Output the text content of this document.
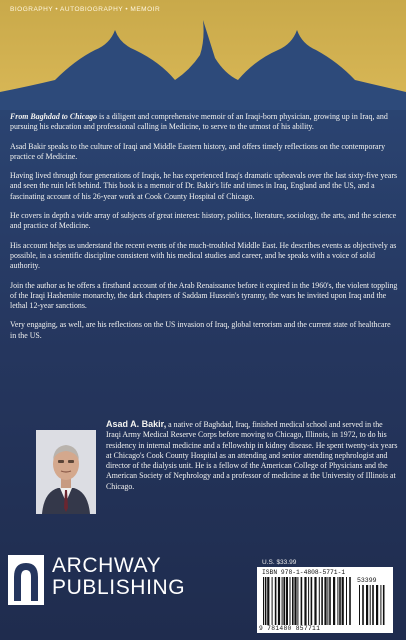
BIOGRAPHY • AUTOBIOGRAPHY • MEMOIR

From Baghdad to Chicago is a diligent and comprehensive memoir of an Iraqi-born physician, growing up in Iraq, and pursuing his education and professional calling in Medicine, to serve to the utmost of his ability.

Asad Bakir speaks to the culture of Iraqi and Middle Eastern history, and offers timely reflections on the contemporary practice of Medicine.

Having lived through four generations of Iraqis, he has experienced Iraq's dramatic upheavals over the last sixty-five years and seen the ruin left behind. This book is a memoir of Dr. Bakir's life and times in Iraq, England and the US, and a fascinating account of his 26-year work at Cook County Hospital of Chicago.

He covers in depth a wide array of subjects of great interest: history, politics, literature, sociology, the arts, and the science and practice of Medicine.

His account helps us understand the recent events of the much-troubled Middle East. He describes events as objectively as possible, in a scientific discipline consistent with his medical studies and career, and he speaks with a voice of solid authority.

Join the author as he offers a firsthand account of the Arab Renaissance before it expired in the 1960's, the violent toppling of the Iraqi Hashemite monarchy, the dark chapters of Saddam Hussein's tyranny, the wars he invited upon Iraq and the lethal 12-year sanctions.

Very engaging, as well, are his reflections on the US invasion of Iraq, global terrorism and the current state of healthcare in the US.

Asad A. Bakir, a native of Baghdad, Iraq, finished medical school and served in the Iraqi Army Medical Reserve Corps before moving to Chicago, Illinois, in 1972, to do his residency in internal medicine and a fellowship in kidney disease. He spent twenty-six years at Chicago's Cook County Hospital as an attending and senior attending nephrologist and director of the dialysis unit. He is a fellow of the American College of Physicians and the American Society of Nephrology and a professor of medicine at the University of Illinois at Chicago.
ARCHWAY
PUBLISHING
U.S. $33.99
ISBN 978-1-4808-5771-1
53399
9 781480 857711
